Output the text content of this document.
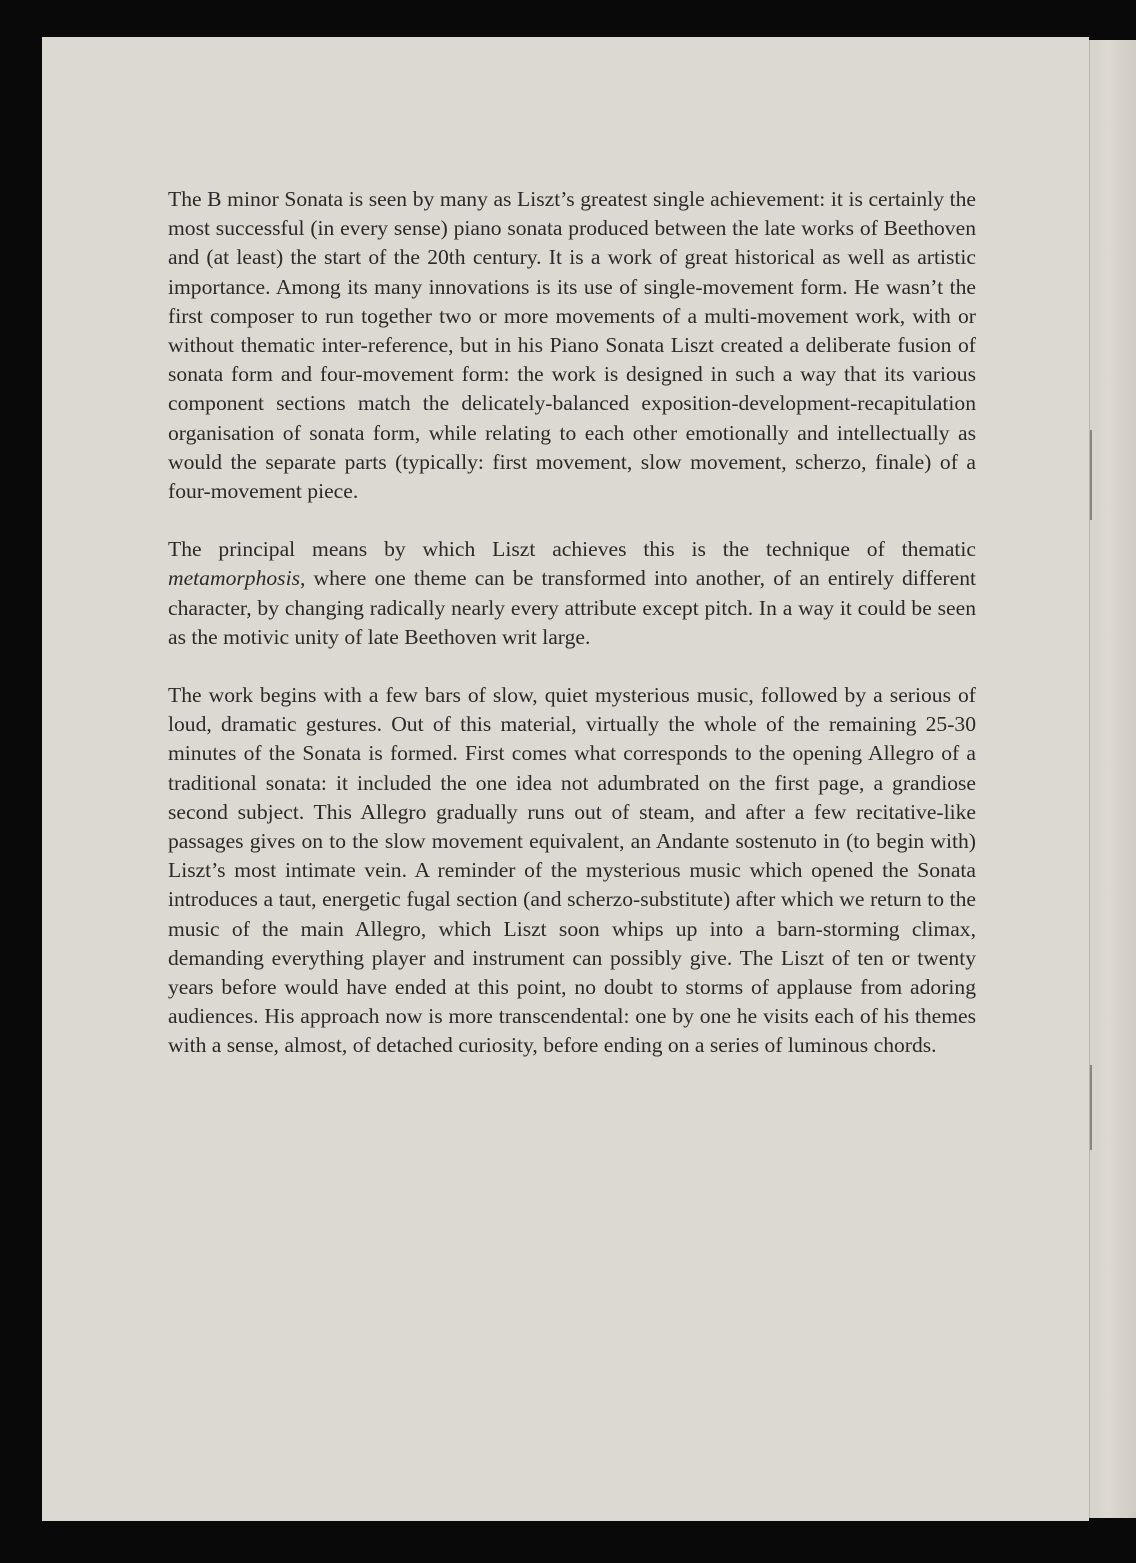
The B minor Sonata is seen by many as Liszt’s greatest single achievement: it is certainly the most successful (in every sense) piano sonata produced between the late works of Beethoven and (at least) the start of the 20th century. It is a work of great historical as well as artistic importance. Among its many innovations is its use of single-movement form. He wasn’t the first composer to run together two or more movements of a multi-movement work, with or without thematic inter-reference, but in his Piano Sonata Liszt created a deliberate fusion of sonata form and four-movement form: the work is designed in such a way that its various component sections match the delicately-balanced exposition-development-recapitulation organisation of sonata form, while relating to each other emotionally and intellectually as would the separate parts (typically: first movement, slow movement, scherzo, finale) of a four-movement piece.

The principal means by which Liszt achieves this is the technique of thematic metamorphosis, where one theme can be transformed into another, of an entirely different character, by changing radically nearly every attribute except pitch. In a way it could be seen as the motivic unity of late Beethoven writ large.

The work begins with a few bars of slow, quiet mysterious music, followed by a serious of loud, dramatic gestures. Out of this material, virtually the whole of the remaining 25-30 minutes of the Sonata is formed. First comes what corresponds to the opening Allegro of a traditional sonata: it included the one idea not adumbrated on the first page, a grandiose second subject. This Allegro gradually runs out of steam, and after a few recitative-like passages gives on to the slow movement equivalent, an Andante sostenuto in (to begin with) Liszt’s most intimate vein. A reminder of the mysterious music which opened the Sonata introduces a taut, energetic fugal section (and scherzo-substitute) after which we return to the music of the main Allegro, which Liszt soon whips up into a barn-storming climax, demanding everything player and instrument can possibly give. The Liszt of ten or twenty years before would have ended at this point, no doubt to storms of applause from adoring audiences. His approach now is more transcendental: one by one he visits each of his themes with a sense, almost, of detached curiosity, before ending on a series of luminous chords.
